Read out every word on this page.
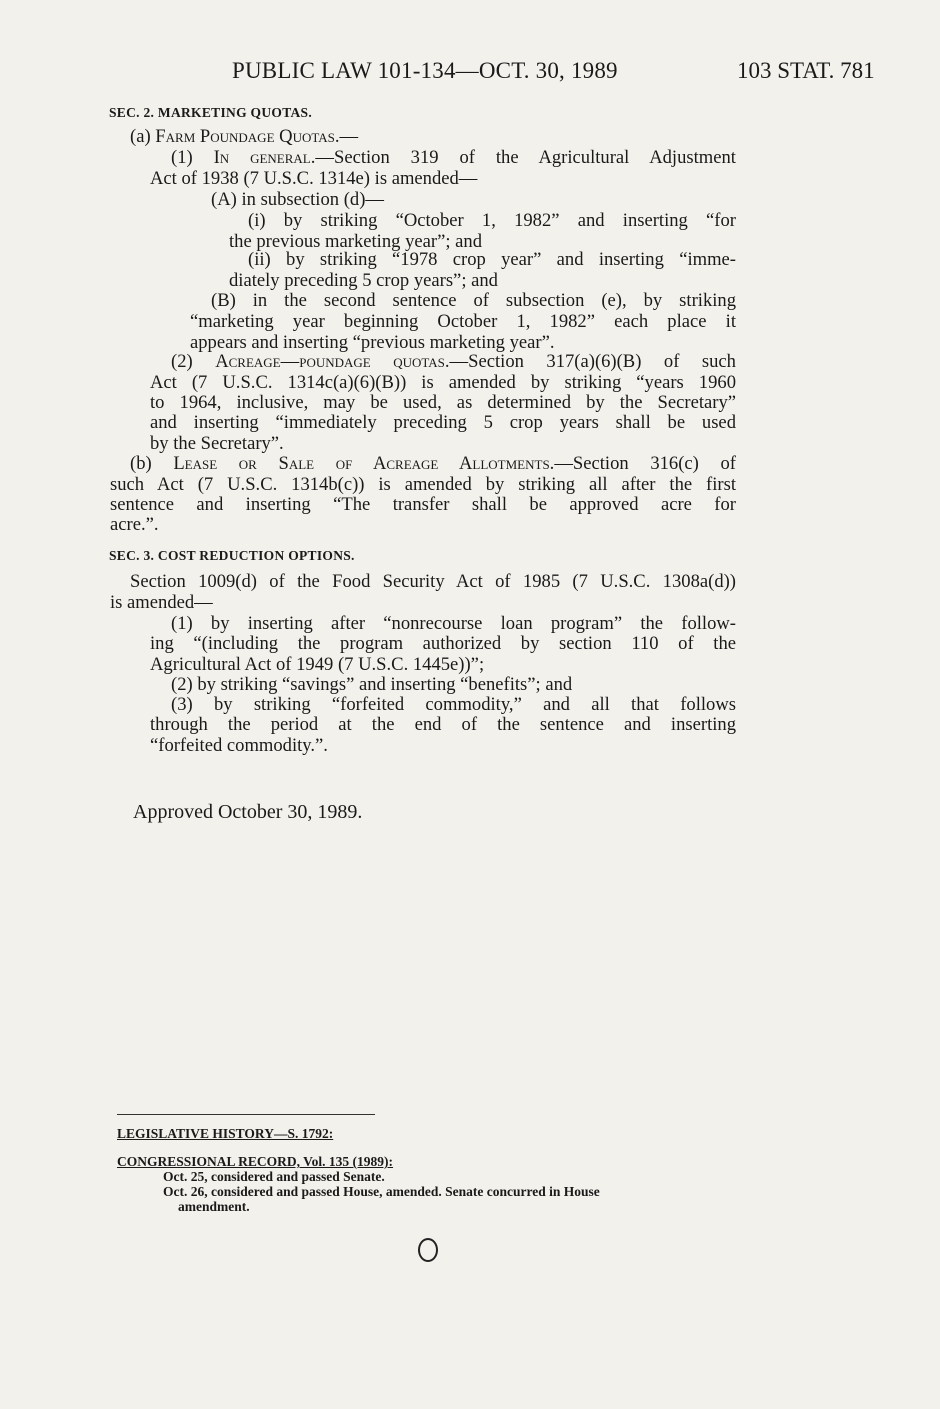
PUBLIC LAW 101-134—OCT. 30, 1989	103 STAT. 781
SEC. 2. MARKETING QUOTAS.
(a) Farm Poundage Quotas.—
(1) In general.—Section 319 of the Agricultural Adjustment
Act of 1938 (7 U.S.C. 1314e) is amended—
(A) in subsection (d)—
(i) by striking “October 1, 1982” and inserting “for
the previous marketing year”; and
(ii) by striking “1978 crop year” and inserting “imme-
diately preceding 5 crop years”; and
(B) in the second sentence of subsection (e), by striking
“marketing year beginning October 1, 1982” each place it
appears and inserting “previous marketing year”.
(2) Acreage—poundage quotas.—Section 317(a)(6)(B) of such
Act (7 U.S.C. 1314c(a)(6)(B)) is amended by striking “years 1960
to 1964, inclusive, may be used, as determined by the Secretary”
and inserting “immediately preceding 5 crop years shall be used
by the Secretary”.
(b) Lease or Sale of Acreage Allotments.—Section 316(c) of
such Act (7 U.S.C. 1314b(c)) is amended by striking all after the first
sentence and inserting “The transfer shall be approved acre for
acre.”.
SEC. 3. COST REDUCTION OPTIONS.
Section 1009(d) of the Food Security Act of 1985 (7 U.S.C. 1308a(d))
is amended—
(1) by inserting after “nonrecourse loan program” the follow-
ing “(including the program authorized by section 110 of the
Agricultural Act of 1949 (7 U.S.C. 1445e))”;
(2) by striking “savings” and inserting “benefits”; and
(3) by striking “forfeited commodity,” and all that follows
through the period at the end of the sentence and inserting
“forfeited commodity.”.
Approved October 30, 1989.
LEGISLATIVE HISTORY—S. 1792:
CONGRESSIONAL RECORD, Vol. 135 (1989):
Oct. 25, considered and passed Senate.
Oct. 26, considered and passed House, amended. Senate concurred in House
amendment.
